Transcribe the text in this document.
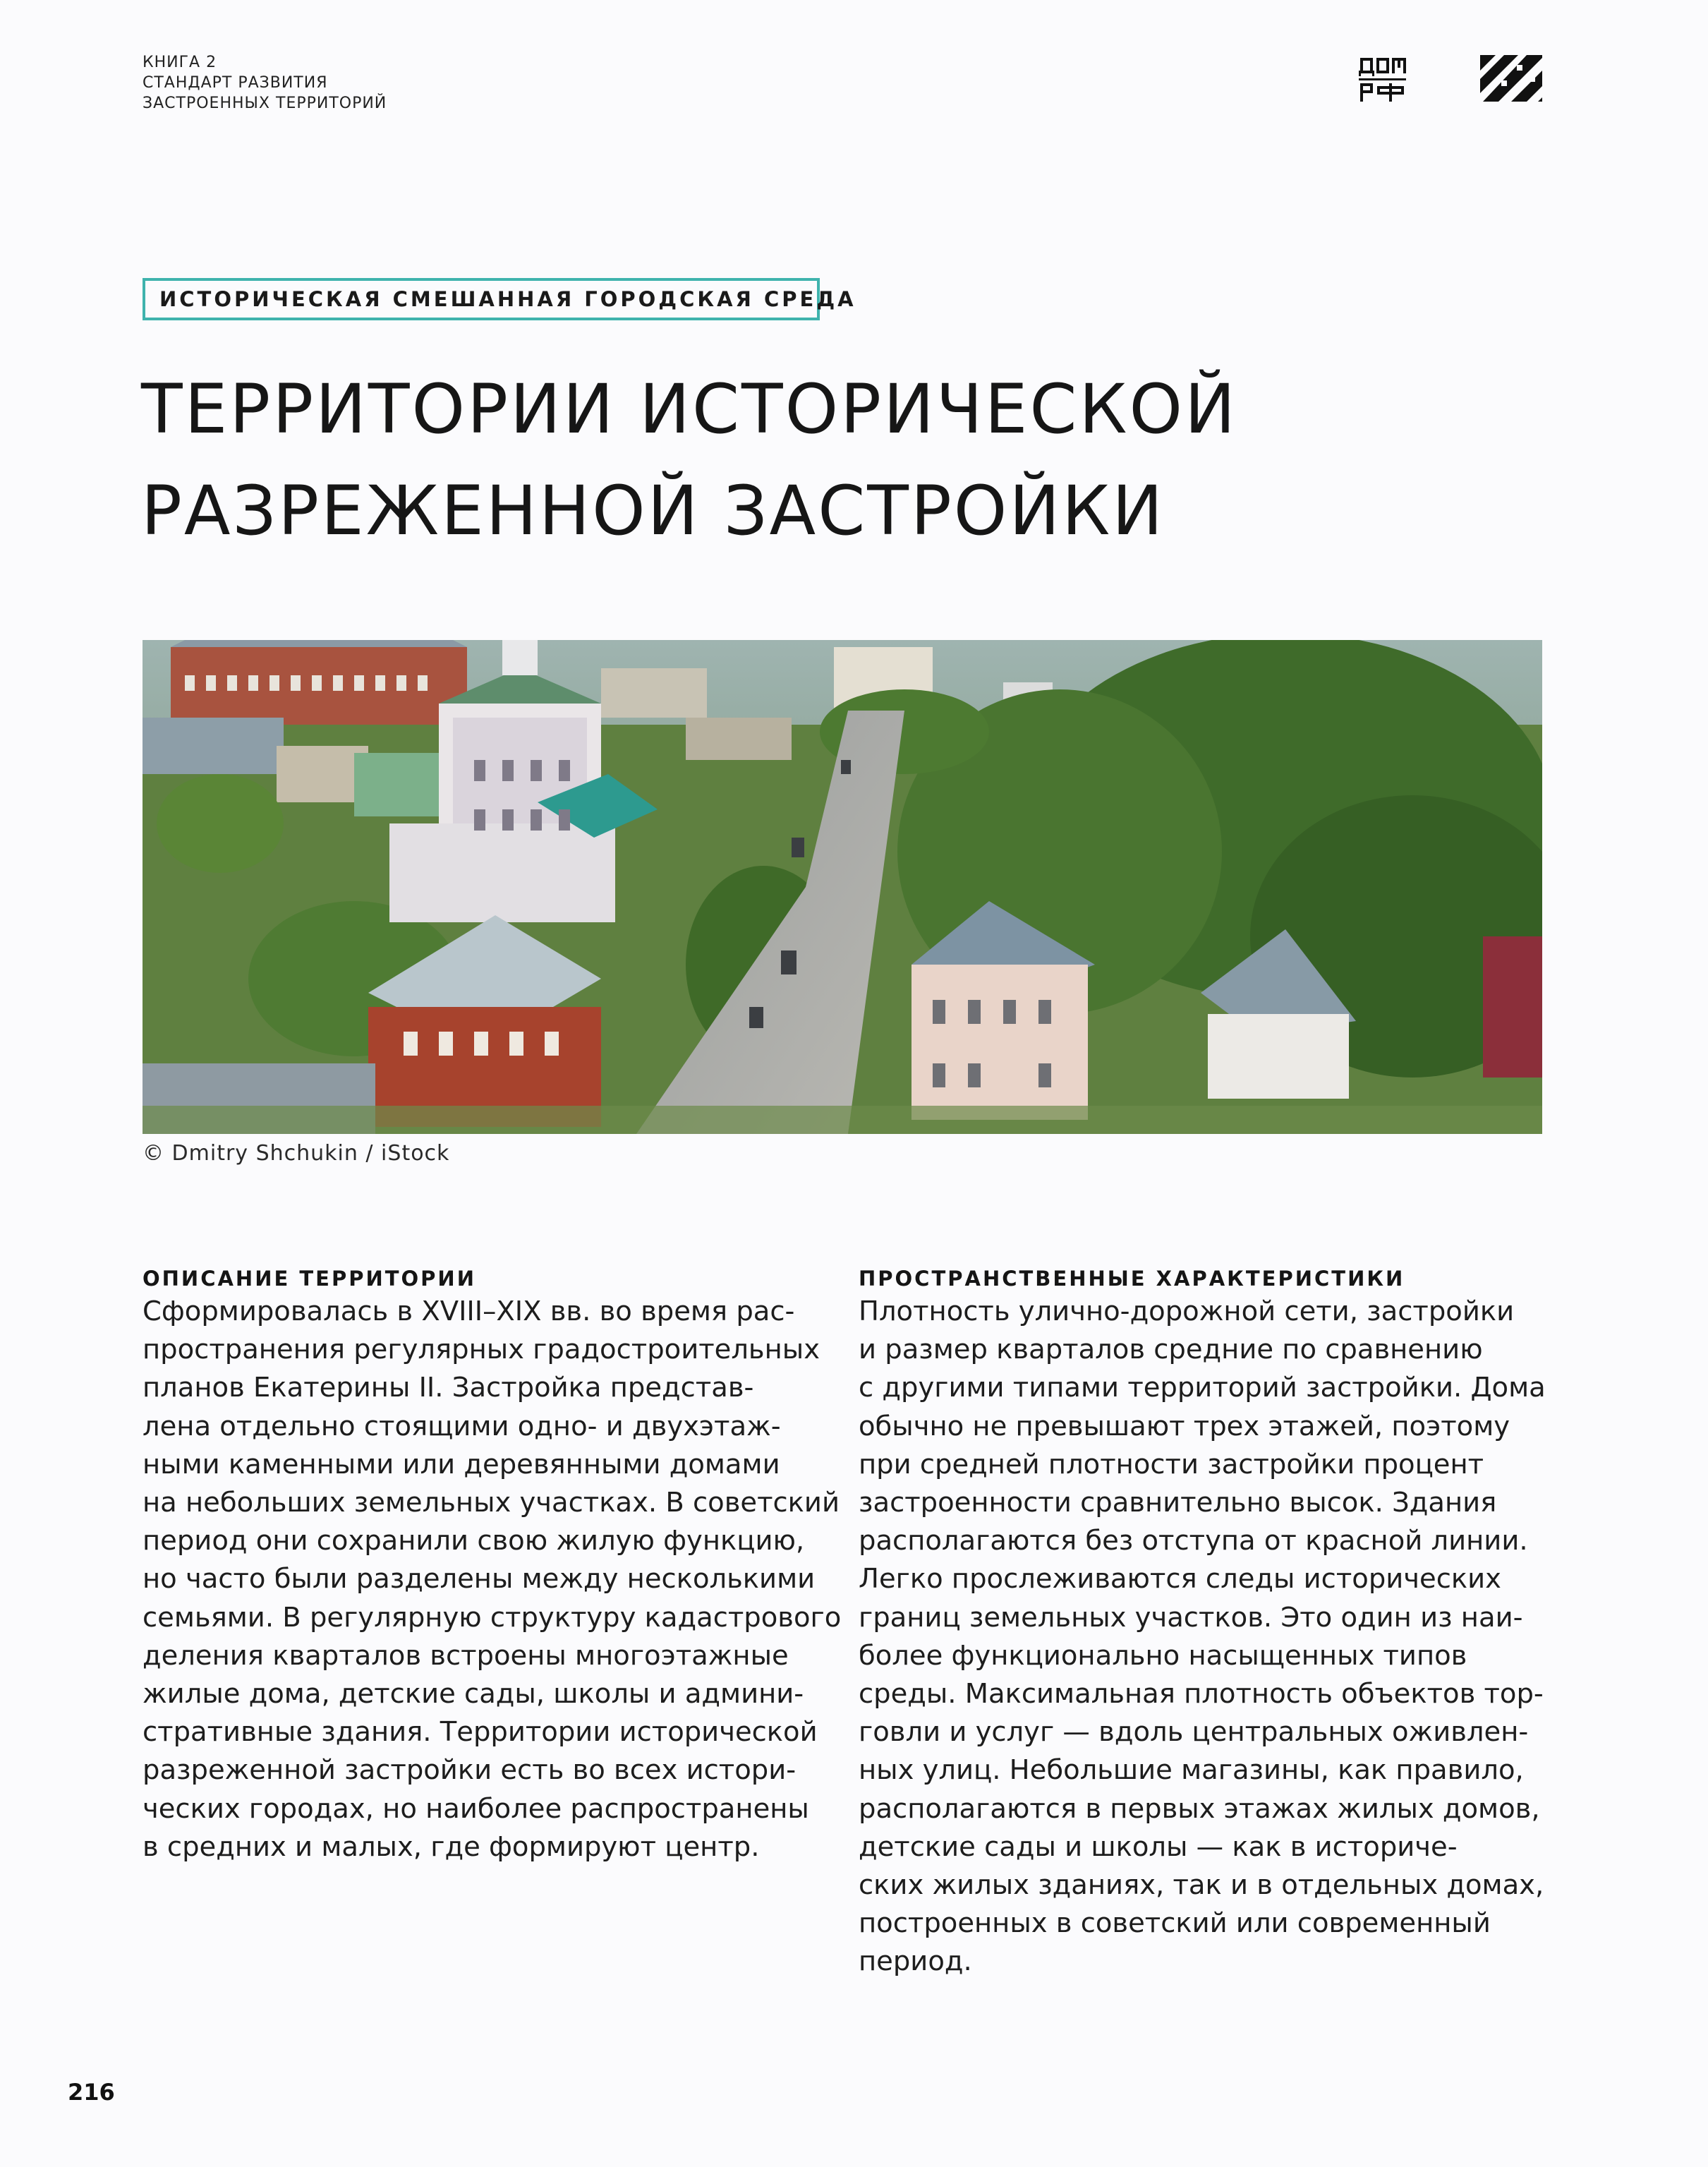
КНИГА 2
СТАНДАРТ РАЗВИТИЯ
ЗАСТРОЕННЫХ ТЕРРИТОРИЙ
ИСТОРИЧЕСКАЯ СМЕШАННАЯ ГОРОДСКАЯ СРЕДА
ТЕРРИТОРИИ ИСТОРИЧЕСКОЙ
РАЗРЕЖЕННОЙ ЗАСТРОЙКИ
© Dmitry Shchukin / iStock
ОПИСАНИЕ ТЕРРИТОРИИ
Сформировалась в XVIII–XIX вв. во время рас-
пространения регулярных градостроительных
планов Екатерины II. Застройка представ-
лена отдельно стоящими одно- и двухэтаж-
ными каменными или деревянными домами
на небольших земельных участках. В советский
период они сохранили свою жилую функцию,
но часто были разделены между несколькими
семьями. В регулярную структуру кадастрового
деления кварталов встроены многоэтажные
жилые дома, детские сады, школы и админи-
стративные здания. Территории исторической
разреженной застройки есть во всех истори-
ческих городах, но наиболее распространены
в средних и малых, где формируют центр.
ПРОСТРАНСТВЕННЫЕ ХАРАКТЕРИСТИКИ
Плотность улично-дорожной сети, застройки
и размер кварталов средние по сравнению
с другими типами территорий застройки. Дома
обычно не превышают трех этажей, поэтому
при средней плотности застройки процент
застроенности сравнительно высок. Здания
располагаются без отступа от красной линии.
Легко прослеживаются следы исторических
границ земельных участков. Это один из наи-
более функционально насыщенных типов
среды. Максимальная плотность объектов тор-
говли и услуг — вдоль центральных оживлен-
ных улиц. Небольшие магазины, как правило,
располагаются в первых этажах жилых домов,
детские сады и школы — как в историче-
ских жилых зданиях, так и в отдельных домах,
построенных в советский или современный
период.
216
